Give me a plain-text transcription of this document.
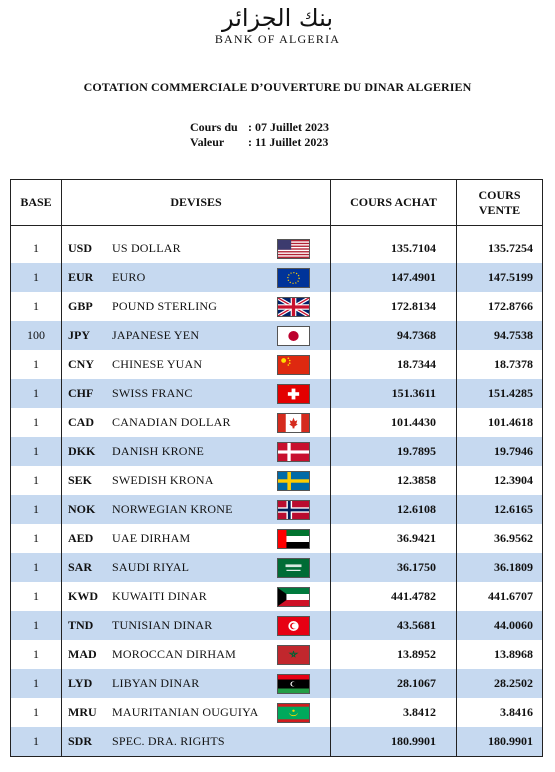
بنك الجزائر
BANK OF ALGERIA
COTATION COMMERCIALE D’OUVERTURE DU DINAR ALGERIEN
Cours du : 07 Juillet 2023
Valeur : 11 Juillet 2023
BASE	DEVISES	COURS ACHAT	COURS VENTE

1	USD US DOLLAR	135.7104	135.7254
1	EUR EURO	147.4901	147.5199
1	GBP POUND STERLING	172.8134	172.8766
100	JPY JAPANESE YEN	94.7368	94.7538
1	CNY CHINESE YUAN	18.7344	18.7378
1	CHF SWISS FRANC	151.3611	151.4285
1	CAD CANADIAN DOLLAR	101.4430	101.4618
1	DKK DANISH KRONE	19.7895	19.7946
1	SEK SWEDISH KRONA	12.3858	12.3904
1	NOK NORWEGIAN KRONE	12.6108	12.6165
1	AED UAE DIRHAM	36.9421	36.9562
1	SAR SAUDI RIYAL	36.1750	36.1809
1	KWD KUWAITI DINAR	441.4782	441.6707
1	TND TUNISIAN DINAR	43.5681	44.0060
1	MAD MOROCCAN DIRHAM	13.8952	13.8968
1	LYD LIBYAN DINAR	28.1067	28.2502
1	MRU MAURITANIAN OUGUIYA	3.8412	3.8416
1	SDR SPEC. DRA. RIGHTS	180.9901	180.9901
